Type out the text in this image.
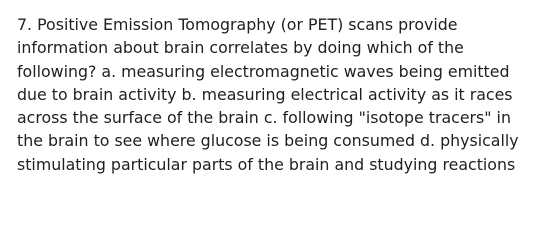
7. Positive Emission Tomography (or PET) scans provide
information about brain correlates by doing which of the
following? a. measuring electromagnetic waves being emitted
due to brain activity b. measuring electrical activity as it races
across the surface of the brain c. following "isotope tracers" in
the brain to see where glucose is being consumed d. physically
stimulating particular parts of the brain and studying reactions
